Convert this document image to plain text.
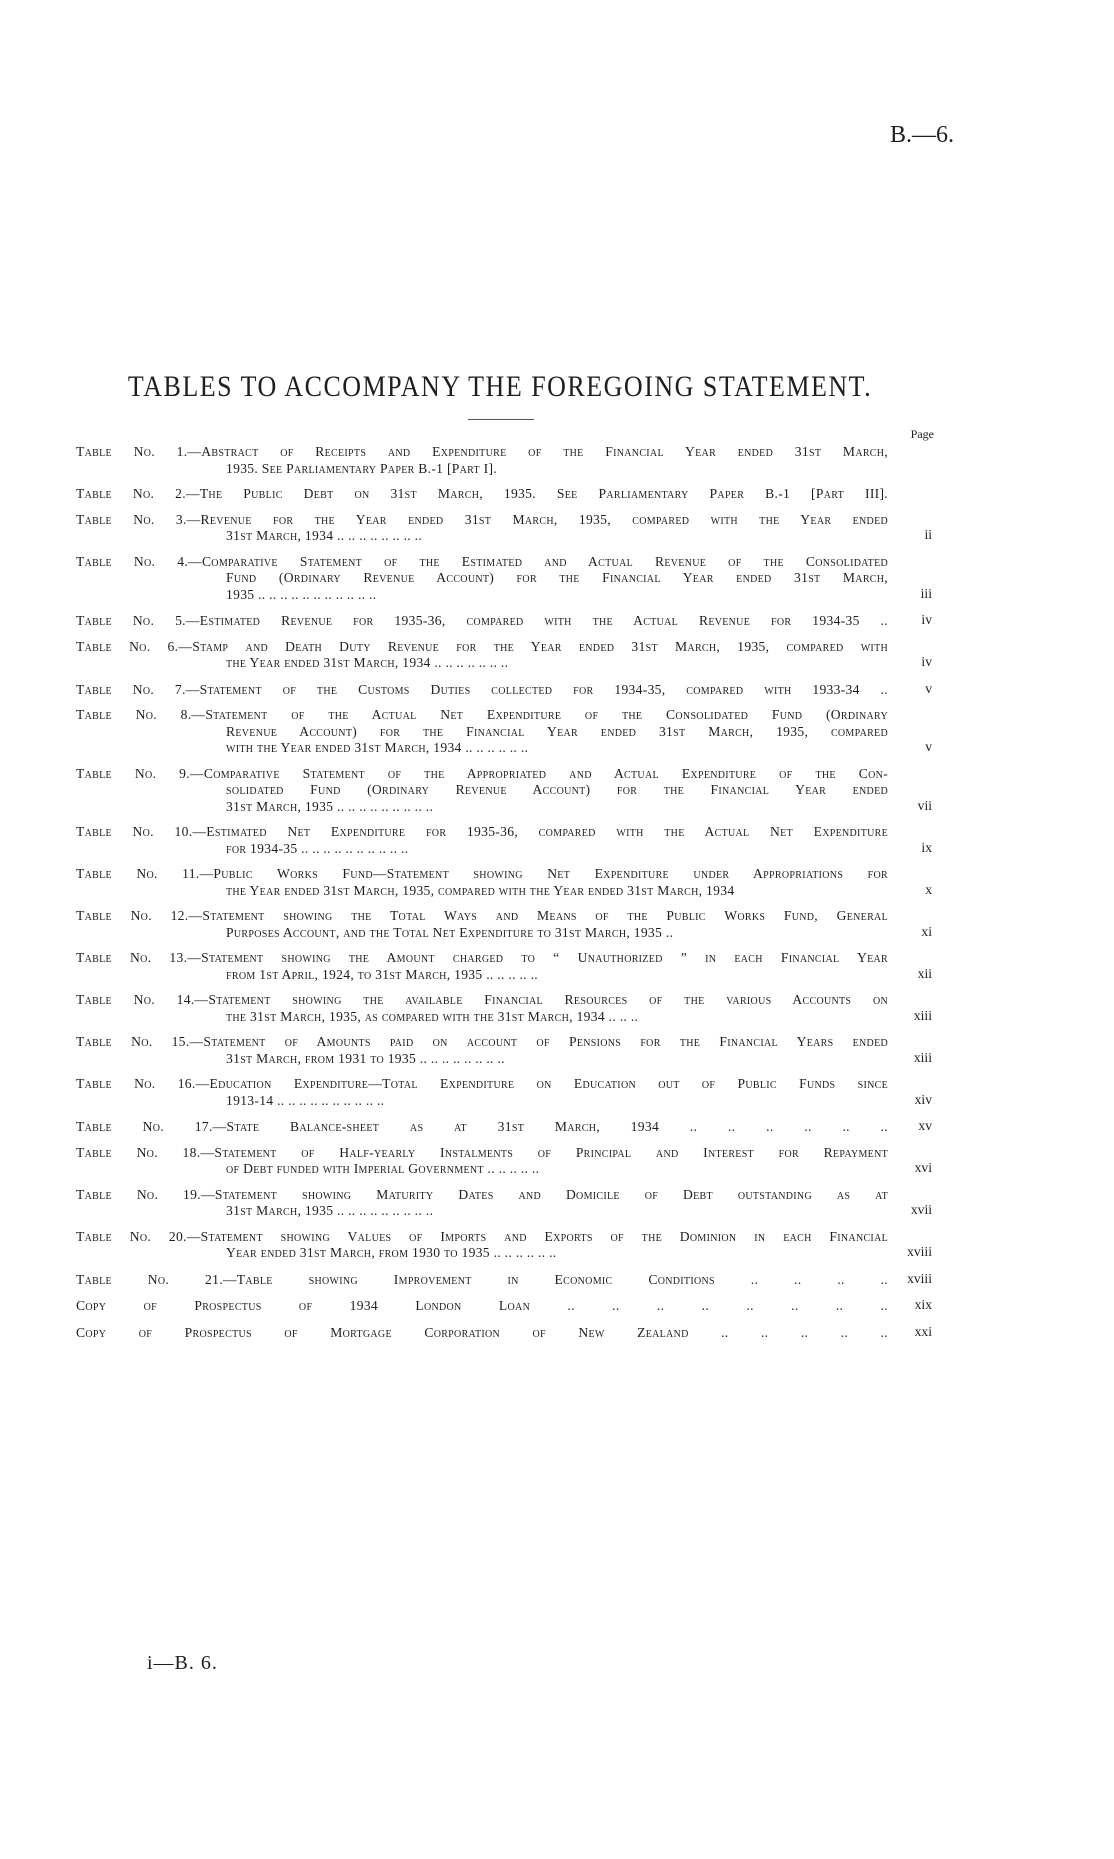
B.—6.
TABLES TO ACCOMPANY THE FOREGOING STATEMENT.
Page
Table No. 1.—Abstract of Receipts and Expenditure of the Financial Year ended 31st March,
1935. See Parliamentary Paper B.-1 [Part I].
Table No. 2.—The Public Debt on 31st March, 1935. See Parliamentary Paper B.-1 [Part III].
Table No. 3.—Revenue for the Year ended 31st March, 1935, compared with the Year ended
31st March, 1934 .. .. .. .. .. .. .. ..	ii
Table No. 4.—Comparative Statement of the Estimated and Actual Revenue of the Consolidated
Fund (Ordinary Revenue Account) for the Financial Year ended 31st March,
1935 .. .. .. .. .. .. .. .. .. .. ..	iii
Table No. 5.—Estimated Revenue for 1935-36, compared with the Actual Revenue for 1934-35 ..	iv
Table No. 6.—Stamp and Death Duty Revenue for the Year ended 31st March, 1935, compared with
the Year ended 31st March, 1934 .. .. .. .. .. .. ..	iv
Table No. 7.—Statement of the Customs Duties collected for 1934-35, compared with 1933-34 ..	v
Table No. 8.—Statement of the Actual Net Expenditure of the Consolidated Fund (Ordinary
Revenue Account) for the Financial Year ended 31st March, 1935, compared
with the Year ended 31st March, 1934 .. .. .. .. .. ..	v
Table No. 9.—Comparative Statement of the Appropriated and Actual Expenditure of the Con-
solidated Fund (Ordinary Revenue Account) for the Financial Year ended
31st March, 1935 .. .. .. .. .. .. .. .. ..	vii
Table No. 10.—Estimated Net Expenditure for 1935-36, compared with the Actual Net Expenditure
for 1934-35 .. .. .. .. .. .. .. .. .. ..	ix
Table No. 11.—Public Works Fund—Statement showing Net Expenditure under Appropriations for
the Year ended 31st March, 1935, compared with the Year ended 31st March, 1934	x
Table No. 12.—Statement showing the Total Ways and Means of the Public Works Fund, General
Purposes Account, and the Total Net Expenditure to 31st March, 1935 ..	xi
Table No. 13.—Statement showing the Amount charged to “ Unauthorized ” in each Financial Year
from 1st April, 1924, to 31st March, 1935 .. .. .. .. ..	xii
Table No. 14.—Statement showing the available Financial Resources of the various Accounts on
the 31st March, 1935, as compared with the 31st March, 1934 .. .. ..	xiii
Table No. 15.—Statement of Amounts paid on account of Pensions for the Financial Years ended
31st March, from 1931 to 1935 .. .. .. .. .. .. .. ..	xiii
Table No. 16.—Education Expenditure—Total Expenditure on Education out of Public Funds since
1913-14 .. .. .. .. .. .. .. .. .. ..	xiv
Table No. 17.—State Balance-sheet as at 31st March, 1934 .. .. .. .. .. ..	xv
Table No. 18.—Statement of Half-yearly Instalments of Principal and Interest for Repayment
of Debt funded with Imperial Government .. .. .. .. ..	xvi
Table No. 19.—Statement showing Maturity Dates and Domicile of Debt outstanding as at
31st March, 1935 .. .. .. .. .. .. .. .. ..	xvii
Table No. 20.—Statement showing Values of Imports and Exports of the Dominion in each Financial
Year ended 31st March, from 1930 to 1935 .. .. .. .. .. ..	xviii
Table No. 21.—Table showing Improvement in Economic Conditions .. .. .. ..	xviii
Copy of Prospectus of 1934 London Loan .. .. .. .. .. .. .. ..	xix
Copy of Prospectus of Mortgage Corporation of New Zealand .. .. .. .. ..	xxi
i—B. 6.
